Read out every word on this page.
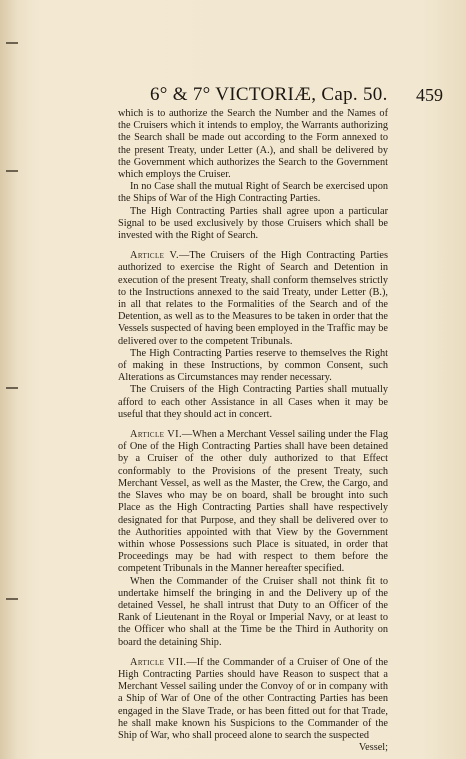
6° & 7° VICTORIÆ, Cap. 50. 459

which is to authorize the Search the Number and the Names of the Cruisers which it intends to employ, the Warrants authorizing the Search shall be made out according to the Form annexed to the present Treaty, under Letter (A.), and shall be delivered by the Government which authorizes the Search to the Government which employs the Cruiser.

In no Case shall the mutual Right of Search be exercised upon the Ships of War of the High Contracting Parties.

The High Contracting Parties shall agree upon a particular Signal to be used exclusively by those Cruisers which shall be invested with the Right of Search.

Article V.—The Cruisers of the High Contracting Parties authorized to exercise the Right of Search and Detention in execution of the present Treaty, shall conform themselves strictly to the Instructions annexed to the said Treaty, under Letter (B.), in all that relates to the Formalities of the Search and of the Detention, as well as to the Measures to be taken in order that the Vessels suspected of having been employed in the Traffic may be delivered over to the competent Tribunals.

The High Contracting Parties reserve to themselves the Right of making in these Instructions, by common Consent, such Alterations as Circumstances may render necessary.

The Cruisers of the High Contracting Parties shall mutually afford to each other Assistance in all Cases when it may be useful that they should act in concert.

Article VI.—When a Merchant Vessel sailing under the Flag of One of the High Contracting Parties shall have been detained by a Cruiser of the other duly authorized to that Effect conformably to the Provisions of the present Treaty, such Merchant Vessel, as well as the Master, the Crew, the Cargo, and the Slaves who may be on board, shall be brought into such Place as the High Contracting Parties shall have respectively designated for that Purpose, and they shall be delivered over to the Authorities appointed with that View by the Government within whose Possessions such Place is situated, in order that Proceedings may be had with respect to them before the competent Tribunals in the Manner hereafter specified.

When the Commander of the Cruiser shall not think fit to undertake himself the bringing in and the Delivery up of the detained Vessel, he shall intrust that Duty to an Officer of the Rank of Lieutenant in the Royal or Imperial Navy, or at least to the Officer who shall at the Time be the Third in Authority on board the detaining Ship.

Article VII.—If the Commander of a Cruiser of One of the High Contracting Parties should have Reason to suspect that a Merchant Vessel sailing under the Convoy of or in company with a Ship of War of One of the other Contracting Parties has been engaged in the Slave Trade, or has been fitted out for that Trade, he shall make known his Suspicions to the Commander of the Ship of War, who shall proceed alone to search the suspected

Vessel;
